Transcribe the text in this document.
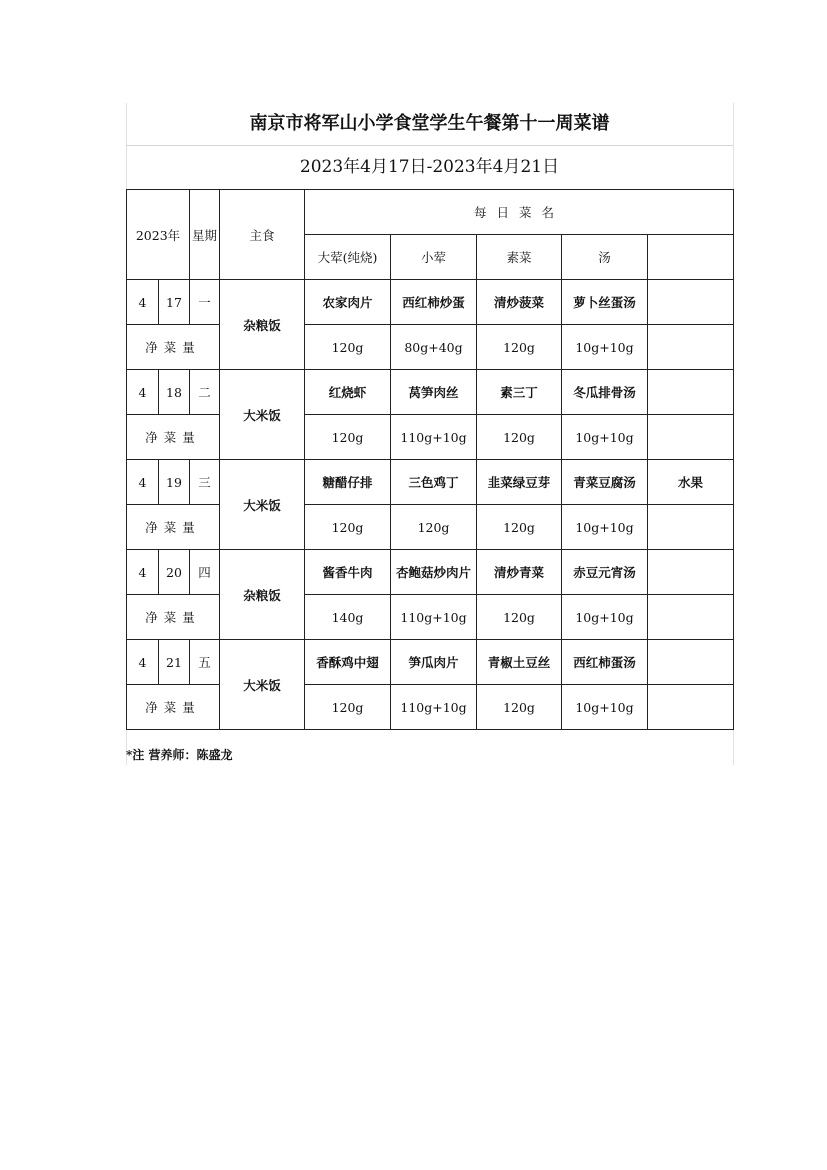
南京市将军山小学食堂学生午餐第十一周菜谱
2023年4月17日-2023年4月21日
2023年		星期	主食	每日菜名				
				大荤(纯烧)	小荤	素菜	汤	
4	17	一	杂粮饭	农家肉片	西红柿炒蛋	清炒菠菜	萝卜丝蛋汤	
净菜量				120g	80g+40g	120g	10g+10g	
4	18	二	大米饭	红烧虾	莴笋肉丝	素三丁	冬瓜排骨汤	
净菜量				120g	110g+10g	120g	10g+10g	
4	19	三	大米饭	糖醋仔排	三色鸡丁	韭菜绿豆芽	青菜豆腐汤	水果
净菜量				120g	120g	120g	10g+10g	
4	20	四	杂粮饭	酱香牛肉	杏鲍菇炒肉片	清炒青菜	赤豆元宵汤	
净菜量				140g	110g+10g	120g	10g+10g	
4	21	五	大米饭	香酥鸡中翅	笋瓜肉片	青椒土豆丝	西红柿蛋汤	
净菜量				120g	110g+10g	120g	10g+10g	
*注 营养师：陈盛龙
